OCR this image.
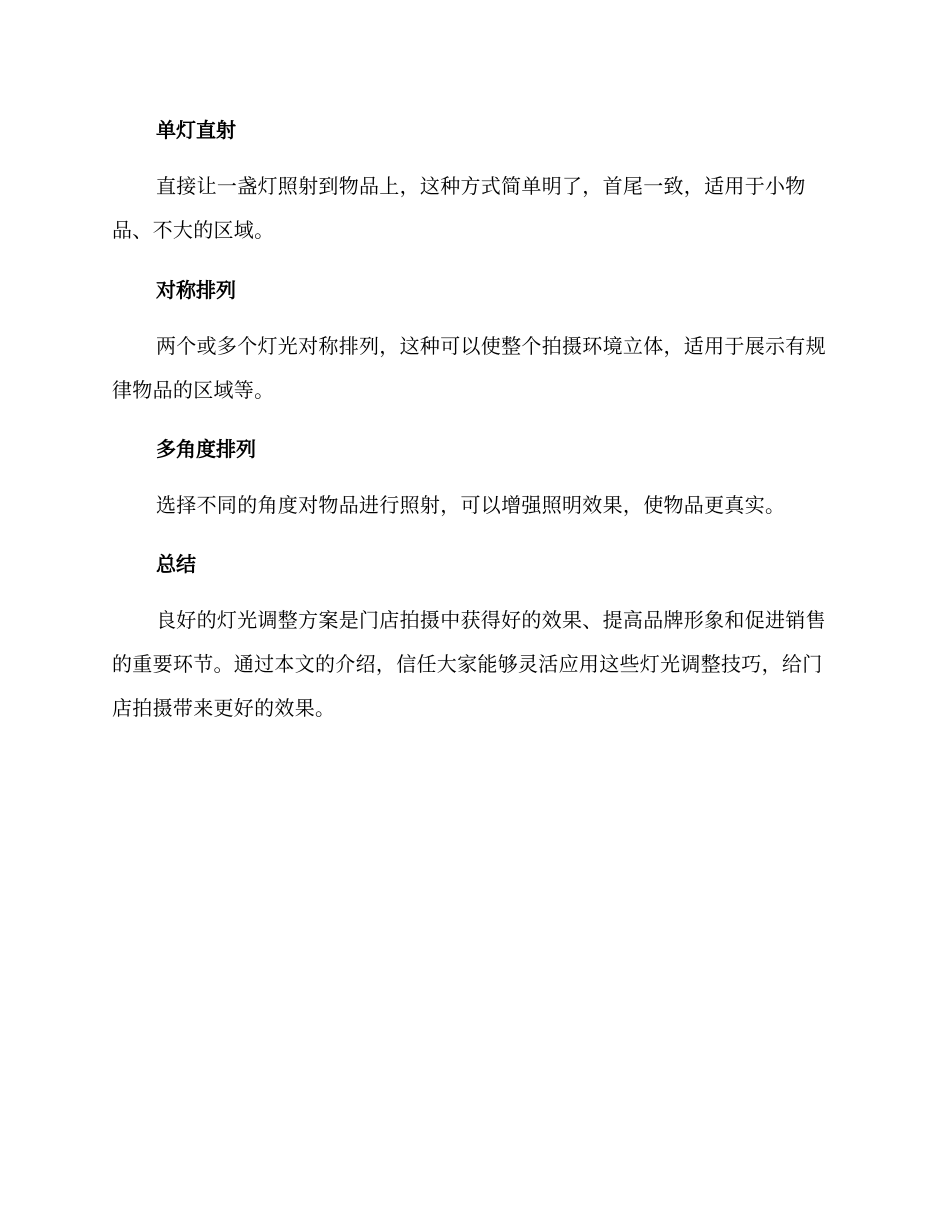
单灯直射

直接让一盏灯照射到物品上，这种方式简单明了，首尾一致，适用于小物品、不大的区域。

对称排列

两个或多个灯光对称排列，这种可以使整个拍摄环境立体，适用于展示有规律物品的区域等。

多角度排列

选择不同的角度对物品进行照射，可以增强照明效果，使物品更真实。

总结

良好的灯光调整方案是门店拍摄中获得好的效果、提高品牌形象和促进销售的重要环节。通过本文的介绍，信任大家能够灵活应用这些灯光调整技巧，给门店拍摄带来更好的效果。
